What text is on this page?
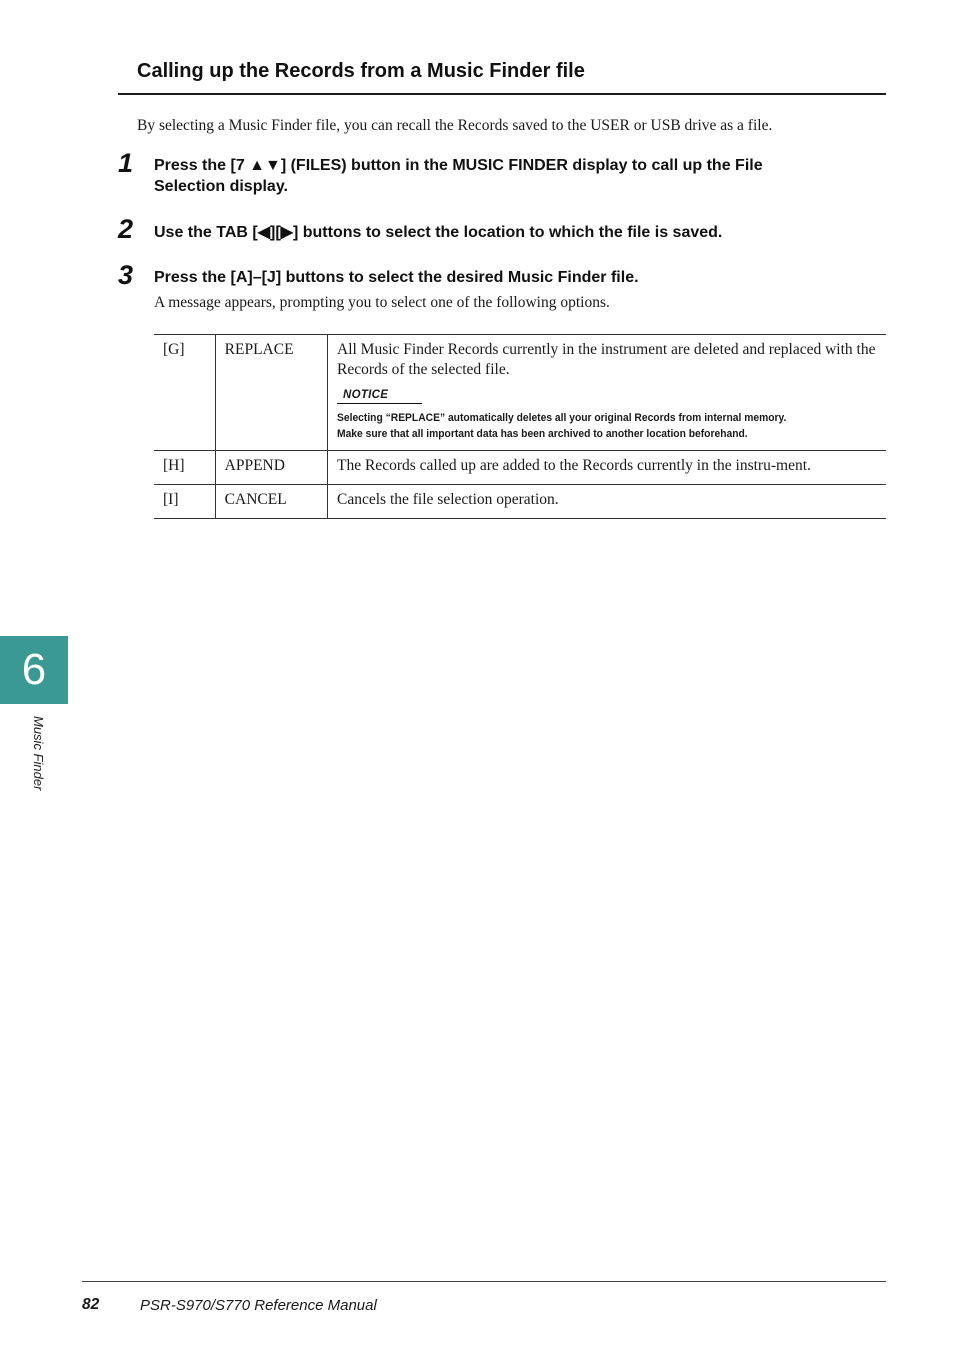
Calling up the Records from a Music Finder file

By selecting a Music Finder file, you can recall the Records saved to the USER or USB drive as a file.

1 Press the [7 ▲▼] (FILES) button in the MUSIC FINDER display to call up the File
Selection display.

2 Use the TAB [◀][▶] buttons to select the location to which the file is saved.

3 Press the [A]–[J] buttons to select the desired Music Finder file.

A message appears, prompting you to select one of the following options.

[G]	REPLACE	All Music Finder Records currently in the instrument are deleted and replaced with the Records of the selected file.
NOTICE

Selecting “REPLACE” automatically deletes all your original Records from internal memory.
Make sure that all important data has been archived to another location beforehand.

[H]	APPEND	The Records called up are added to the Records currently in the instru-ment.
[I]	CANCEL	Cancels the file selection operation.
6
Music Finder
82	PSR-S970/S770 Reference Manual
